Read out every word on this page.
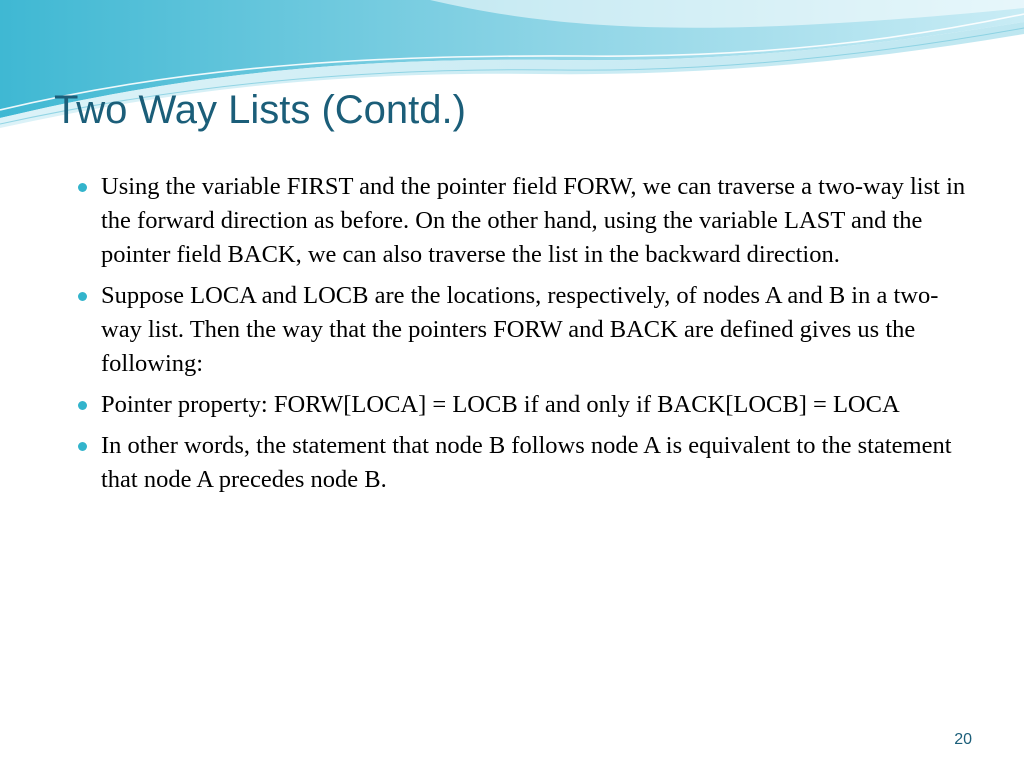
Two Way Lists (Contd.)
Using the variable FIRST and the pointer field FORW, we can traverse a two-way list in the forward direction as before. On the other hand, using the variable LAST and the pointer field BACK, we can also traverse the list in the backward direction.
Suppose LOCA and LOCB are the locations, respectively, of nodes A and B in a two-way list. Then the way that the pointers FORW and BACK are defined gives us the following:
Pointer property: FORW[LOCA] = LOCB if and only if BACK[LOCB] = LOCA
In other words, the statement that node B follows node A is equivalent to the statement that node A precedes node B.
20
